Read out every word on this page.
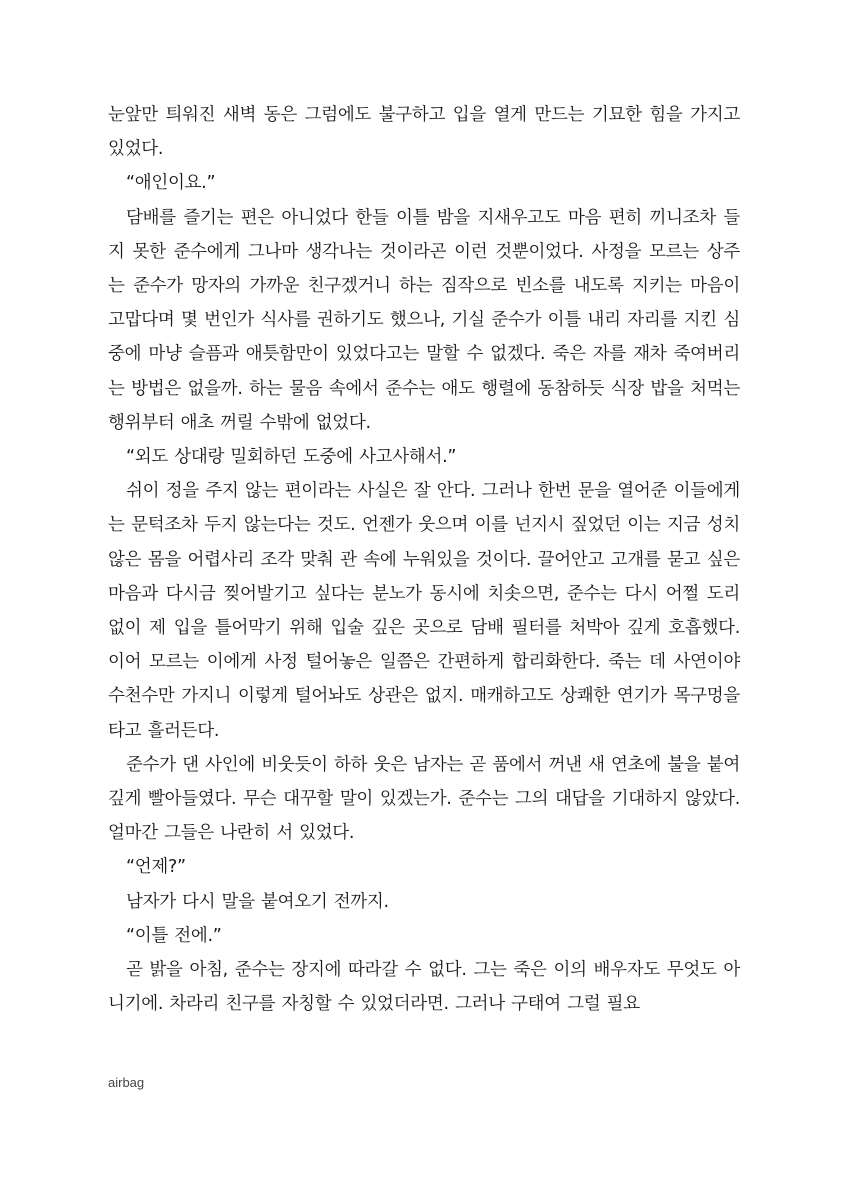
눈앞만 틔워진 새벽 동은 그럼에도 불구하고 입을 열게 만드는 기묘한 힘을 가지고 있었다.

“애인이요.”

담배를 즐기는 편은 아니었다 한들 이틀 밤을 지새우고도 마음 편히 끼니조차 들지 못한 준수에게 그나마 생각나는 것이라곤 이런 것뿐이었다. 사정을 모르는 상주는 준수가 망자의 가까운 친구겠거니 하는 짐작으로 빈소를 내도록 지키는 마음이 고맙다며 몇 번인가 식사를 권하기도 했으나, 기실 준수가 이틀 내리 자리를 지킨 심중에 마냥 슬픔과 애틋함만이 있었다고는 말할 수 없겠다. 죽은 자를 재차 죽여버리는 방법은 없을까. 하는 물음 속에서 준수는 애도 행렬에 동참하듯 식장 밥을 처먹는 행위부터 애초 꺼릴 수밖에 없었다.

“외도 상대랑 밀회하던 도중에 사고사해서.”

쉬이 정을 주지 않는 편이라는 사실은 잘 안다. 그러나 한번 문을 열어준 이들에게는 문턱조차 두지 않는다는 것도. 언젠가 웃으며 이를 넌지시 짚었던 이는 지금 성치 않은 몸을 어렵사리 조각 맞춰 관 속에 누워있을 것이다. 끌어안고 고개를 묻고 싶은 마음과 다시금 찢어발기고 싶다는 분노가 동시에 치솟으면, 준수는 다시 어쩔 도리 없이 제 입을 틀어막기 위해 입술 깊은 곳으로 담배 필터를 처박아 깊게 호흡했다. 이어 모르는 이에게 사정 털어놓은 일쯤은 간편하게 합리화한다. 죽는 데 사연이야 수천수만 가지니 이렇게 털어놔도 상관은 없지. 매캐하고도 상쾌한 연기가 목구멍을 타고 흘러든다.

준수가 댄 사인에 비웃듯이 하하 웃은 남자는 곧 품에서 꺼낸 새 연초에 불을 붙여 깊게 빨아들였다. 무슨 대꾸할 말이 있겠는가. 준수는 그의 대답을 기대하지 않았다. 얼마간 그들은 나란히 서 있었다.

“언제?”

남자가 다시 말을 붙여오기 전까지.

“이틀 전에.”

곧 밝을 아침, 준수는 장지에 따라갈 수 없다. 그는 죽은 이의 배우자도 무엇도 아니기에. 차라리 친구를 자칭할 수 있었더라면. 그러나 구태여 그럴 필요

airbag
